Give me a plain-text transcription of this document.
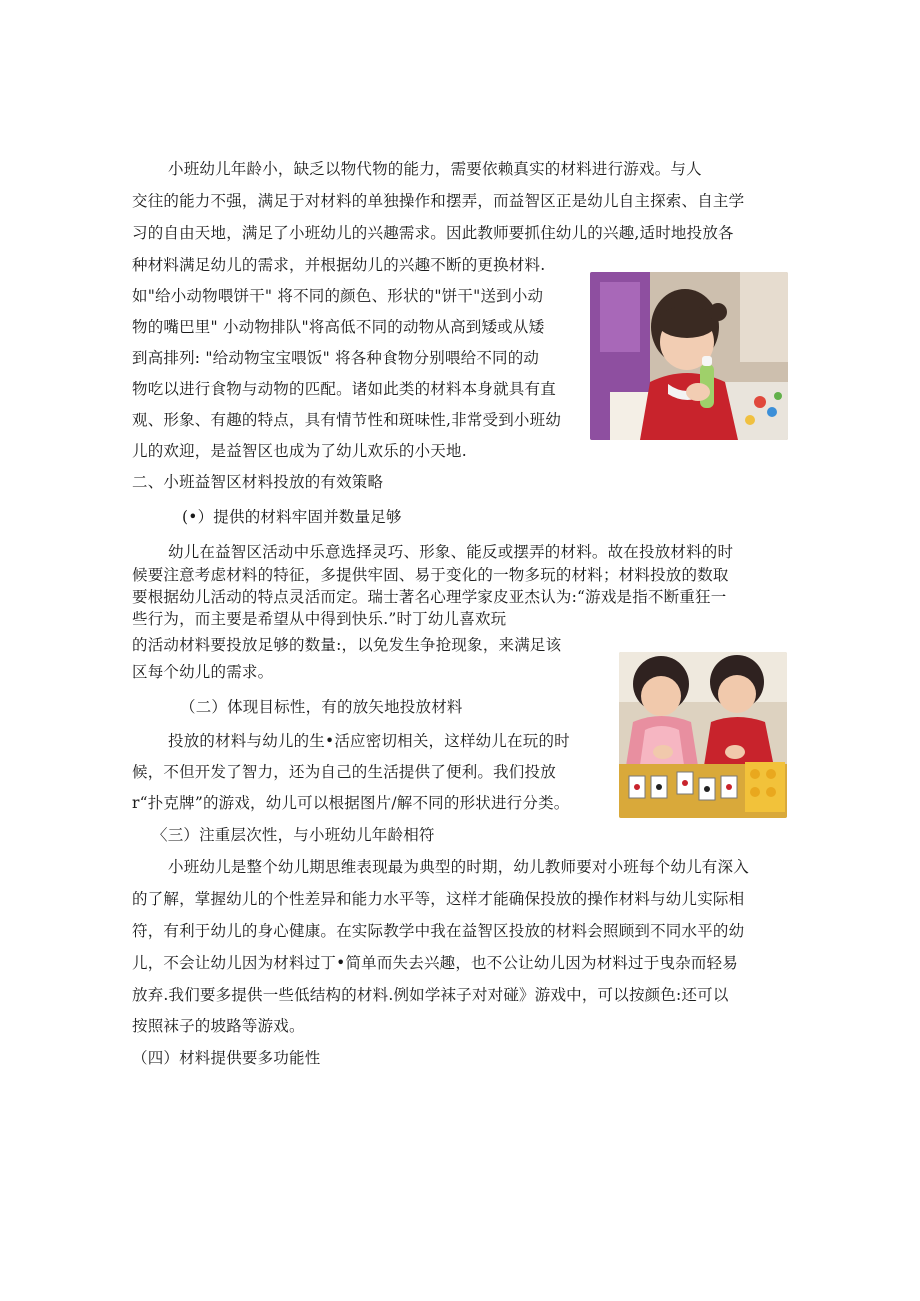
小班幼儿年龄小，缺乏以物代物的能力，需要依赖真实的材料进行游戏。与人
交往的能力不强，满足于对材料的单独操作和摆弄，而益智区正是幼儿自主探索、自主学
习的自由天地，满足了小班幼儿的兴趣需求。因此教师要抓住幼儿的兴趣,适时地投放各
种材料满足幼儿的需求，并根据幼儿的兴趣不断的更换材料.
如"给小动物喂饼干" 将不同的颜色、形状的"饼干"送到小动
物的嘴巴里" 小动物排队"将高低不同的动物从高到矮或从矮
到高排列: "给动物宝宝喂饭" 将各种食物分别喂给不同的动
物吃以进行食物与动物的匹配。诸如此类的材料本身就具有直
观、形象、有趣的特点，具有情节性和斑味性,非常受到小班幼
儿的欢迎，是益智区也成为了幼儿欢乐的小天地.
二、小班益智区材料投放的有效策略
(•）提供的材料牢固并数量足够
幼儿在益智区活动中乐意选择灵巧、形象、能反或摆弄的材料。故在投放材料的时
候要注意考虑材料的特征，多提供牢固、易于变化的一物多玩的材料；材料投放的数取
要根据幼儿活动的特点灵活而定。瑞士著名心理学家皮亚杰认为:“游戏是指不断重狂一
些行为，而主要是希望从中得到快乐.”时丁幼儿喜欢玩
的活动材料要投放足够的数量:，以免发生争抢现象，来满足该
区每个幼儿的需求。
（二）体现目标性，有的放矢地投放材料
投放的材料与幼儿的生•活应密切相关，这样幼儿在玩的时
候，不但开发了智力，还为自己的生活提供了便利。我们投放
r“扑克牌”的游戏，幼儿可以根据图片/解不同的形状进行分类。
〈三）注重层次性，与小班幼儿年龄相符
小班幼儿是整个幼儿期思维表现最为典型的时期，幼儿教师要对小班每个幼儿有深入
的了解，掌握幼儿的个性差异和能力水平等，这样才能确保投放的操作材料与幼儿实际相
符，有利于幼儿的身心健康。在实际教学中我在益智区投放的材料会照顾到不同水平的幼
儿，不会让幼儿因为材料过丁•简单而失去兴趣，也不公让幼儿因为材料过于曳杂而轻易
放弃.我们要多提供一些低结构的材料.例如学袜子对对碰》游戏中，可以按颜色:还可以
按照袜子的坡路等游戏。
（四）材料提供要多功能性
